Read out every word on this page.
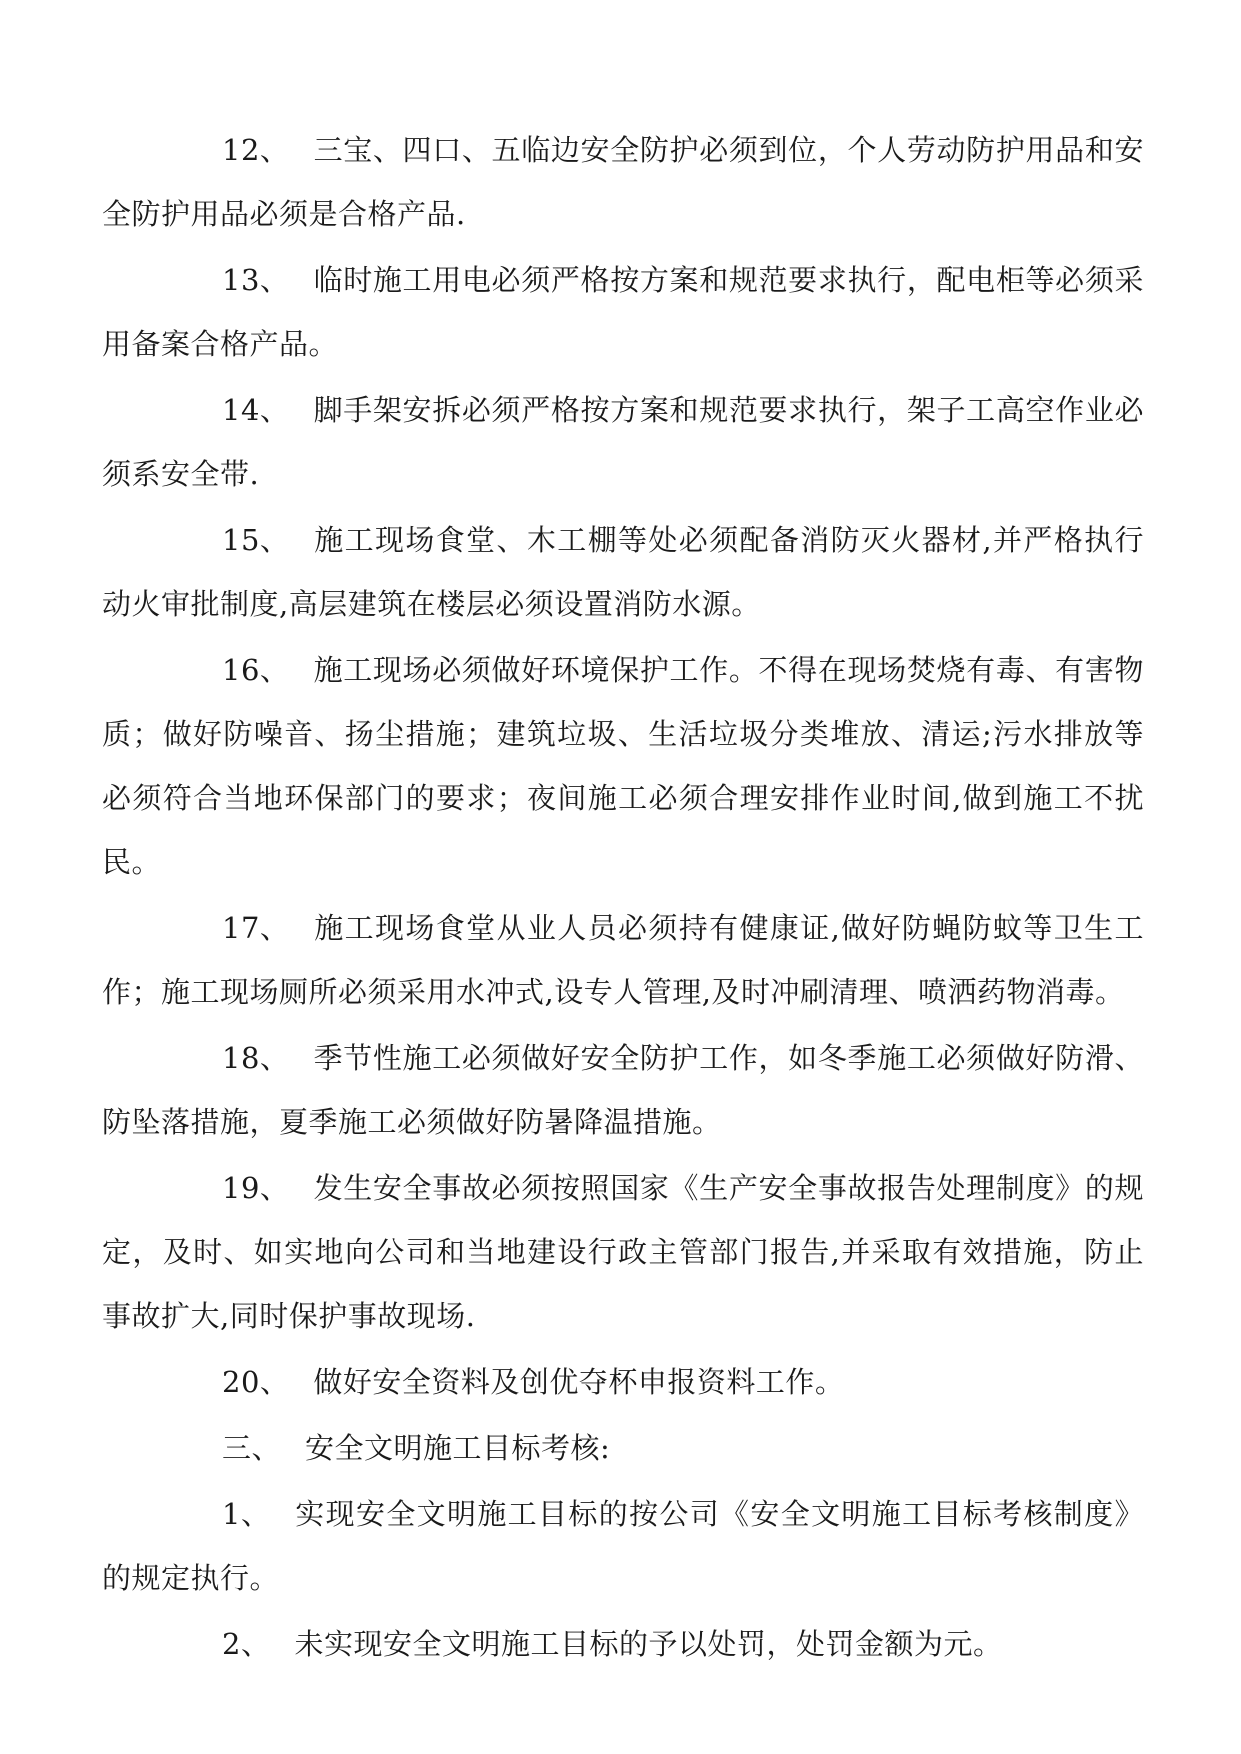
12、 三宝、四口、五临边安全防护必须到位，个人劳动防护用品和安全防护用品必须是合格产品.

13、 临时施工用电必须严格按方案和规范要求执行，配电柜等必须采用备案合格产品。

14、 脚手架安拆必须严格按方案和规范要求执行，架子工高空作业必须系安全带.

15、 施工现场食堂、木工棚等处必须配备消防灭火器材,并严格执行动火审批制度,高层建筑在楼层必须设置消防水源。

16、 施工现场必须做好环境保护工作。不得在现场焚烧有毒、有害物质；做好防噪音、扬尘措施；建筑垃圾、生活垃圾分类堆放、清运;污水排放等必须符合当地环保部门的要求；夜间施工必须合理安排作业时间,做到施工不扰民。

17、 施工现场食堂从业人员必须持有健康证,做好防蝇防蚊等卫生工作；施工现场厕所必须采用水冲式,设专人管理,及时冲刷清理、喷洒药物消毒。

18、 季节性施工必须做好安全防护工作，如冬季施工必须做好防滑、防坠落措施，夏季施工必须做好防暑降温措施。

19、 发生安全事故必须按照国家《生产安全事故报告处理制度》的规定，及时、如实地向公司和当地建设行政主管部门报告,并采取有效措施，防止事故扩大,同时保护事故现场.

20、 做好安全资料及创优夺杯申报资料工作。

三、 安全文明施工目标考核:

1、 实现安全文明施工目标的按公司《安全文明施工目标考核制度》的规定执行。

2、 未实现安全文明施工目标的予以处罚，处罚金额为元。
